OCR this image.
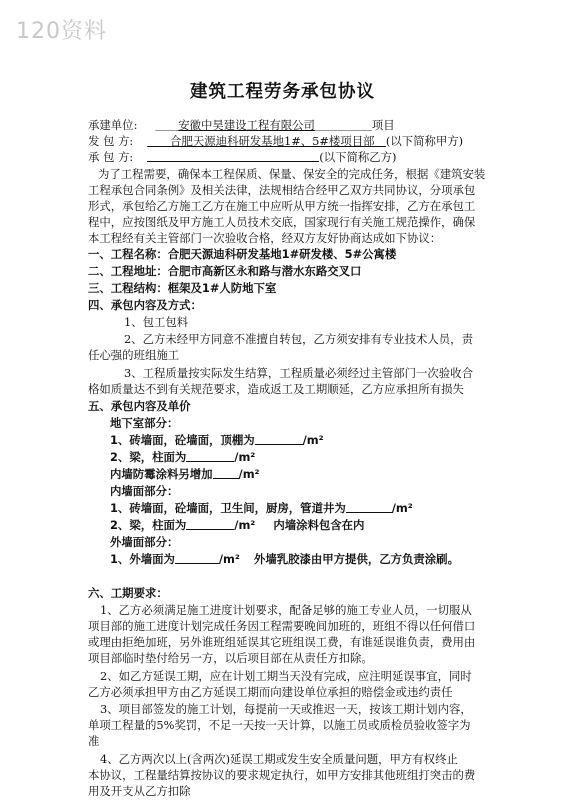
120资料
建筑工程劳务承包协议
承建单位: ＿＿安徽中昊建设工程有限公司＿＿＿＿＿项目
发 包 方: ＿＿合肥天源迪科研发基地1#、5#楼项目部＿(以下简称甲方)
承 包 方:	(以下简称乙方)
为了工程需要，确保本工程保质、保量、保安全的完成任务，根据《建筑安装
工程承包合同条例》及相关法律，法规相结合经甲乙双方共同协议，分项承包
形式，承包给乙方施工乙方在施工中应听从甲方统一指挥安排，乙方在承包工
程中，应按图纸及甲方施工人员技术交底，国家现行有关施工规范操作，确保
本工程经有关主管部门一次验收合格，经双方友好协商达成如下协议：
一、工程名称：合肥天源迪科研发基地1#研发楼、5#公寓楼
二、工程地址：合肥市高新区永和路与潜水东路交叉口
三、工程结构：框架及1#人防地下室
四、承包内容及方式：
1、包工包料
2、乙方未经甲方同意不准擅自转包，乙方须安排有专业技术人员，责
任心强的班组施工
3、工程质量按实际发生结算，工程质量必须经过主管部门一次验收合
格如质量达不到有关规范要求，造成返工及工期顺延，乙方应承担所有损失
五、承包内容及单价
地下室部分：
1、砖墙面，砼墙面，顶棚为	/m²
2、梁，柱面为	/m²
内墙防霉涂料另增加 /m²
内墙面部分：
1、砖墙面，砼墙面，卫生间，厨房，管道井为	/m²
2、梁，柱面为	/m² 内墙涂料包含在内
外墙面部分：
1、外墙面为	/m² 外墙乳胶漆由甲方提供，乙方负责涂刷。
六、工期要求：
1、乙方必须满足施工进度计划要求，配备足够的施工专业人员，一切服从
项目部的施工进度计划完成任务因工程需要晚间加班的，班组不得以任何借口
或理由拒绝加班，另外谁班组延误其它班组误工费，有谁延误谁负责，费用由
项目部临时垫付给另一方，以后项目部在从责任方扣除。
2、如乙方延误工期，应在计划工期当天没有完成，应注明延误事宜，同时
乙方必须承担甲方由乙方延误工期而向建设单位承担的赔偿金或违约责任
3、项目部签发的施工计划，每提前一天或推迟一天，按该工期计划内容，
单项工程量的5%奖罚，不足一天按一天计算，以施工员或质检员验收签字为
准
4、乙方两次以上(含两次)延误工期或发生安全质量问题，甲方有权终止
本协议，工程量结算按协议的要求规定执行，如甲方安排其他班组打突击的费
用及开支从乙方扣除
